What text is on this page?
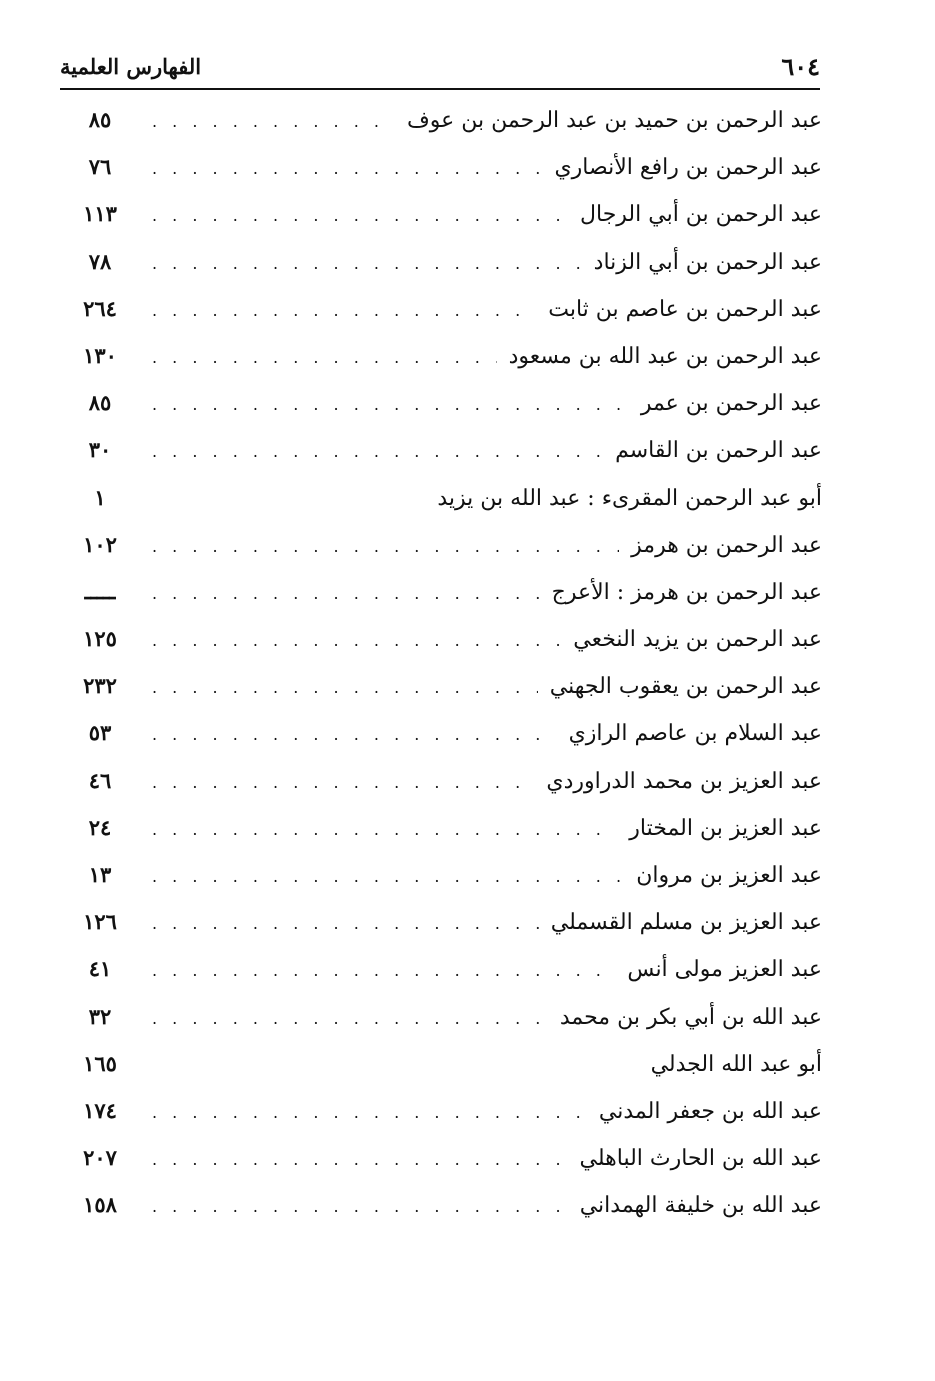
٦٠٤
الفهارس العلمية
عبد الرحمن بن حميد بن عبد الرحمن بن عوف
. . .
٨٥
عبد الرحمن بن رافع الأنصاري
. . .
٧٦
عبد الرحمن بن أبي الرجال
. . .
١١٣
عبد الرحمن بن أبي الزناد
. . .
٧٨
عبد الرحمن بن عاصم بن ثابت
. . .
٢٦٤
عبد الرحمن بن عبد الله بن مسعود
. . .
١٣٠
عبد الرحمن بن عمر
. . .
٨٥
عبد الرحمن بن القاسم
. . .
٣٠
أبو عبد الرحمن المقرىء : عبد الله بن يزيد
١
عبد الرحمن بن هرمز
. . .
١٠٢
عبد الرحمن بن هرمز : الأعرج
. . .
ـــــ
عبد الرحمن بن يزيد النخعي
. . .
١٢٥
عبد الرحمن بن يعقوب الجهني
. . .
٢٣٢
عبد السلام بن عاصم الرازي
. . .
٥٣
عبد العزيز بن محمد الدراوردي
. . .
٤٦
عبد العزيز بن المختار
. . .
٢٤
عبد العزيز بن مروان
. . .
١٣
عبد العزيز بن مسلم القسملي
. . .
١٢٦
عبد العزيز مولى أنس
. . .
٤١
عبد الله بن أبي بكر بن محمد
. . .
٣٢
أبو عبد الله الجدلي
١٦٥
عبد الله بن جعفر المدني
. . .
١٧٤
عبد الله بن الحارث الباهلي
. . .
٢٠٧
عبد الله بن خليفة الهمداني
. . .
١٥٨
